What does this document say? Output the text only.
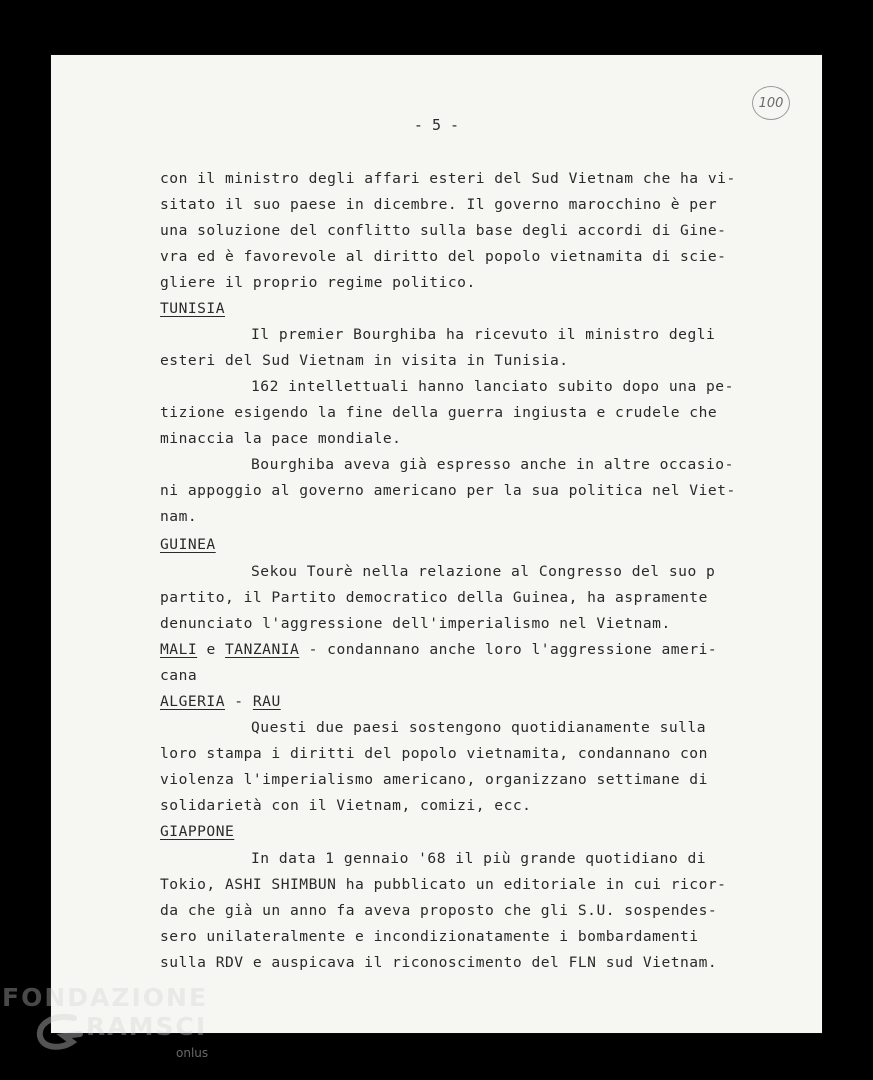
100
- 5 -
con il ministro degli affari esteri del Sud Vietnam che ha vi-
sitato il suo paese in dicembre. Il governo marocchino è per
una soluzione del conflitto sulla base degli accordi di Gine-
vra ed è favorevole al diritto del popolo vietnamita di scie-
gliere il proprio regime politico.
TUNISIA
Il premier Bourghiba ha ricevuto il ministro degli
esteri del Sud Vietnam in visita in Tunisia.
162 intellettuali hanno lanciato subito dopo una pe-
tizione esigendo la fine della guerra ingiusta e crudele che
minaccia la pace mondiale.
Bourghiba aveva già espresso anche in altre occasio-
ni appoggio al governo americano per la sua politica nel Viet-
nam.
GUINEA
Sekou Tourè nella relazione al Congresso del suo p
partito, il Partito democratico della Guinea, ha aspramente
denunciato l'aggressione dell'imperialismo nel Vietnam.
MALI e TANZANIA - condannano anche loro l'aggressione ameri-
cana
ALGERIA - RAU
Questi due paesi sostengono quotidianamente sulla
loro stampa i diritti del popolo vietnamita, condannano con
violenza l'imperialismo americano, organizzano settimane di
solidarietà con il Vietnam, comizi, ecc.
GIAPPONE
In data 1 gennaio '68 il più grande quotidiano di
Tokio, ASHI SHIMBUN ha pubblicato un editoriale in cui ricor-
da che già un anno fa aveva proposto che gli S.U. sospendes-
sero unilateralmente e incondizionatamente i bombardamenti
sulla RDV e auspicava il riconoscimento del FLN sud Vietnam.
FONDAZIONE
RAMSCI
onlus
